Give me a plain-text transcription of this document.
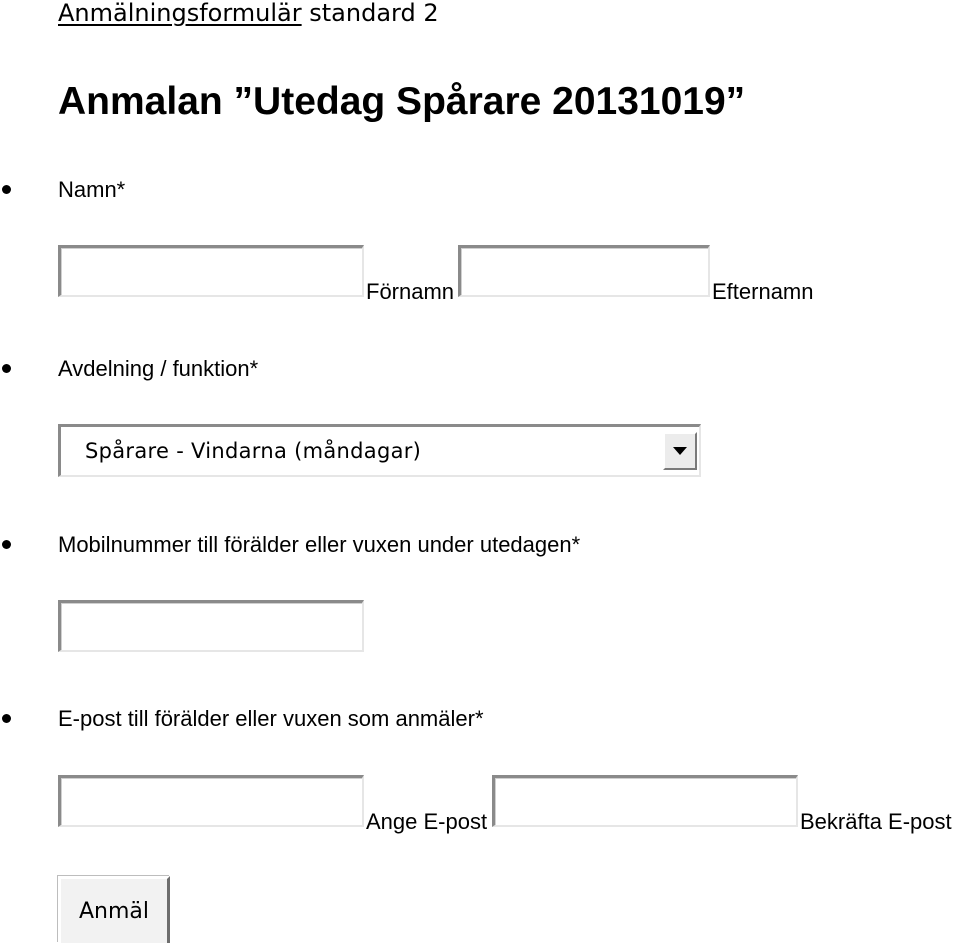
Anmälningsformulär standard 2
Anmalan ”Utedag Spårare 20131019”
Namn*
Förnamn	Efternamn
Avdelning / funktion*
Spårare - Vindarna (måndagar)
Mobilnummer till förälder eller vuxen under utedagen*
E-post till förälder eller vuxen som anmäler*
Ange E-post	Bekräfta E-post
Anmäl
